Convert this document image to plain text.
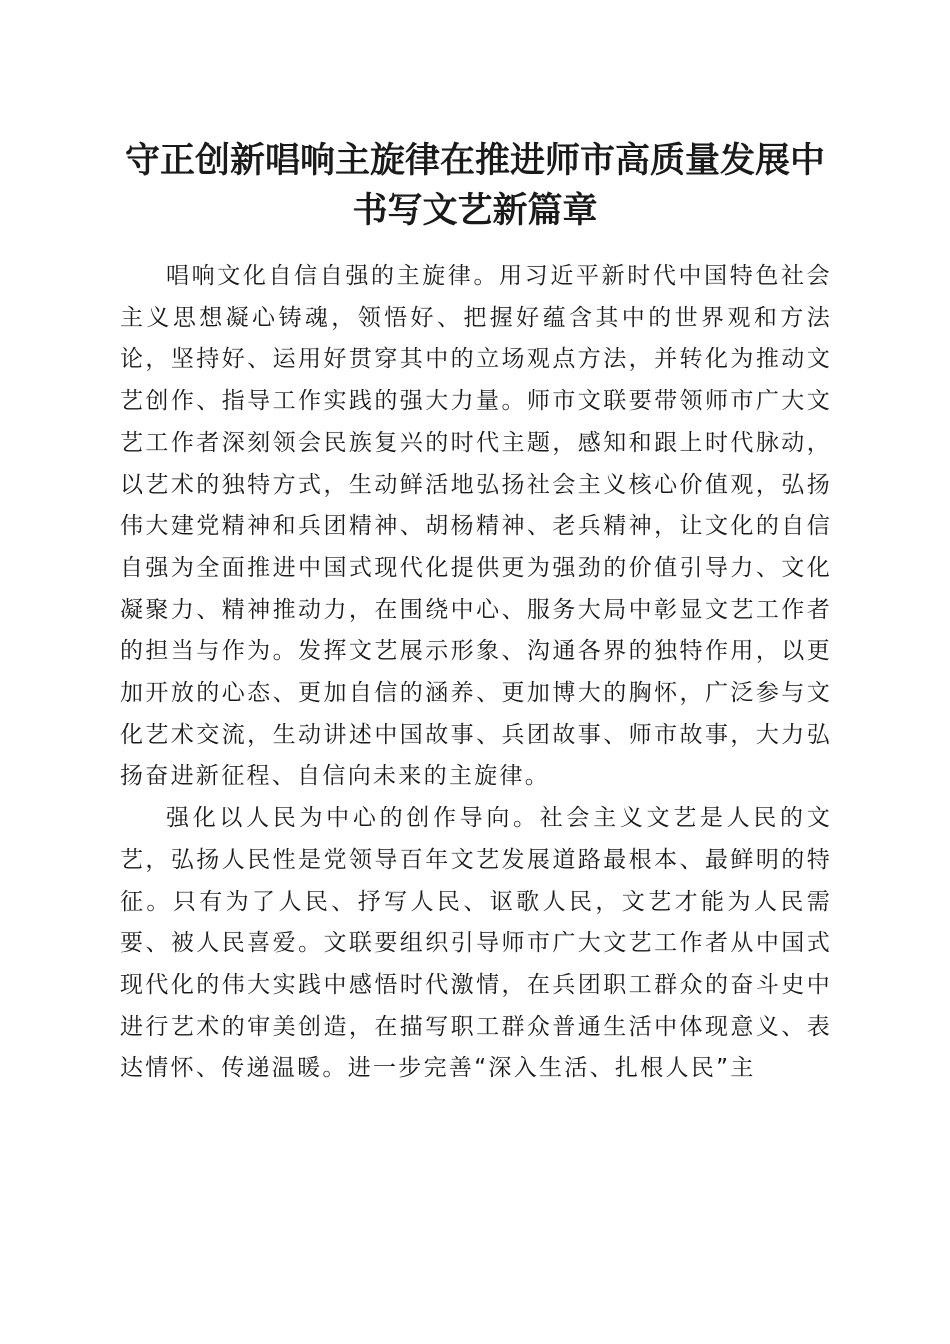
守正创新唱响主旋律在推进师市高质量发展中
书写文艺新篇章

唱响文化自信自强的主旋律。用习近平新时代中国特色社会主义思想凝心铸魂，领悟好、把握好蕴含其中的世界观和方法论，坚持好、运用好贯穿其中的立场观点方法，并转化为推动文艺创作、指导工作实践的强大力量。师市文联要带领师市广大文艺工作者深刻领会民族复兴的时代主题，感知和跟上时代脉动，以艺术的独特方式，生动鲜活地弘扬社会主义核心价值观，弘扬伟大建党精神和兵团精神、胡杨精神、老兵精神，让文化的自信自强为全面推进中国式现代化提供更为强劲的价值引导力、文化凝聚力、精神推动力，在围绕中心、服务大局中彰显文艺工作者的担当与作为。发挥文艺展示形象、沟通各界的独特作用，以更加开放的心态、更加自信的涵养、更加博大的胸怀，广泛参与文化艺术交流，生动讲述中国故事、兵团故事、师市故事，大力弘扬奋进新征程、自信向未来的主旋律。

强化以人民为中心的创作导向。社会主义文艺是人民的文艺，弘扬人民性是党领导百年文艺发展道路最根本、最鲜明的特征。只有为了人民、抒写人民、讴歌人民，文艺才能为人民需要、被人民喜爱。文联要组织引导师市广大文艺工作者从中国式现代化的伟大实践中感悟时代激情，在兵团职工群众的奋斗史中进行艺术的审美创造，在描写职工群众普通生活中体现意义、表达情怀、传递温暖。进一步完善“深入生活、扎根人民”主
